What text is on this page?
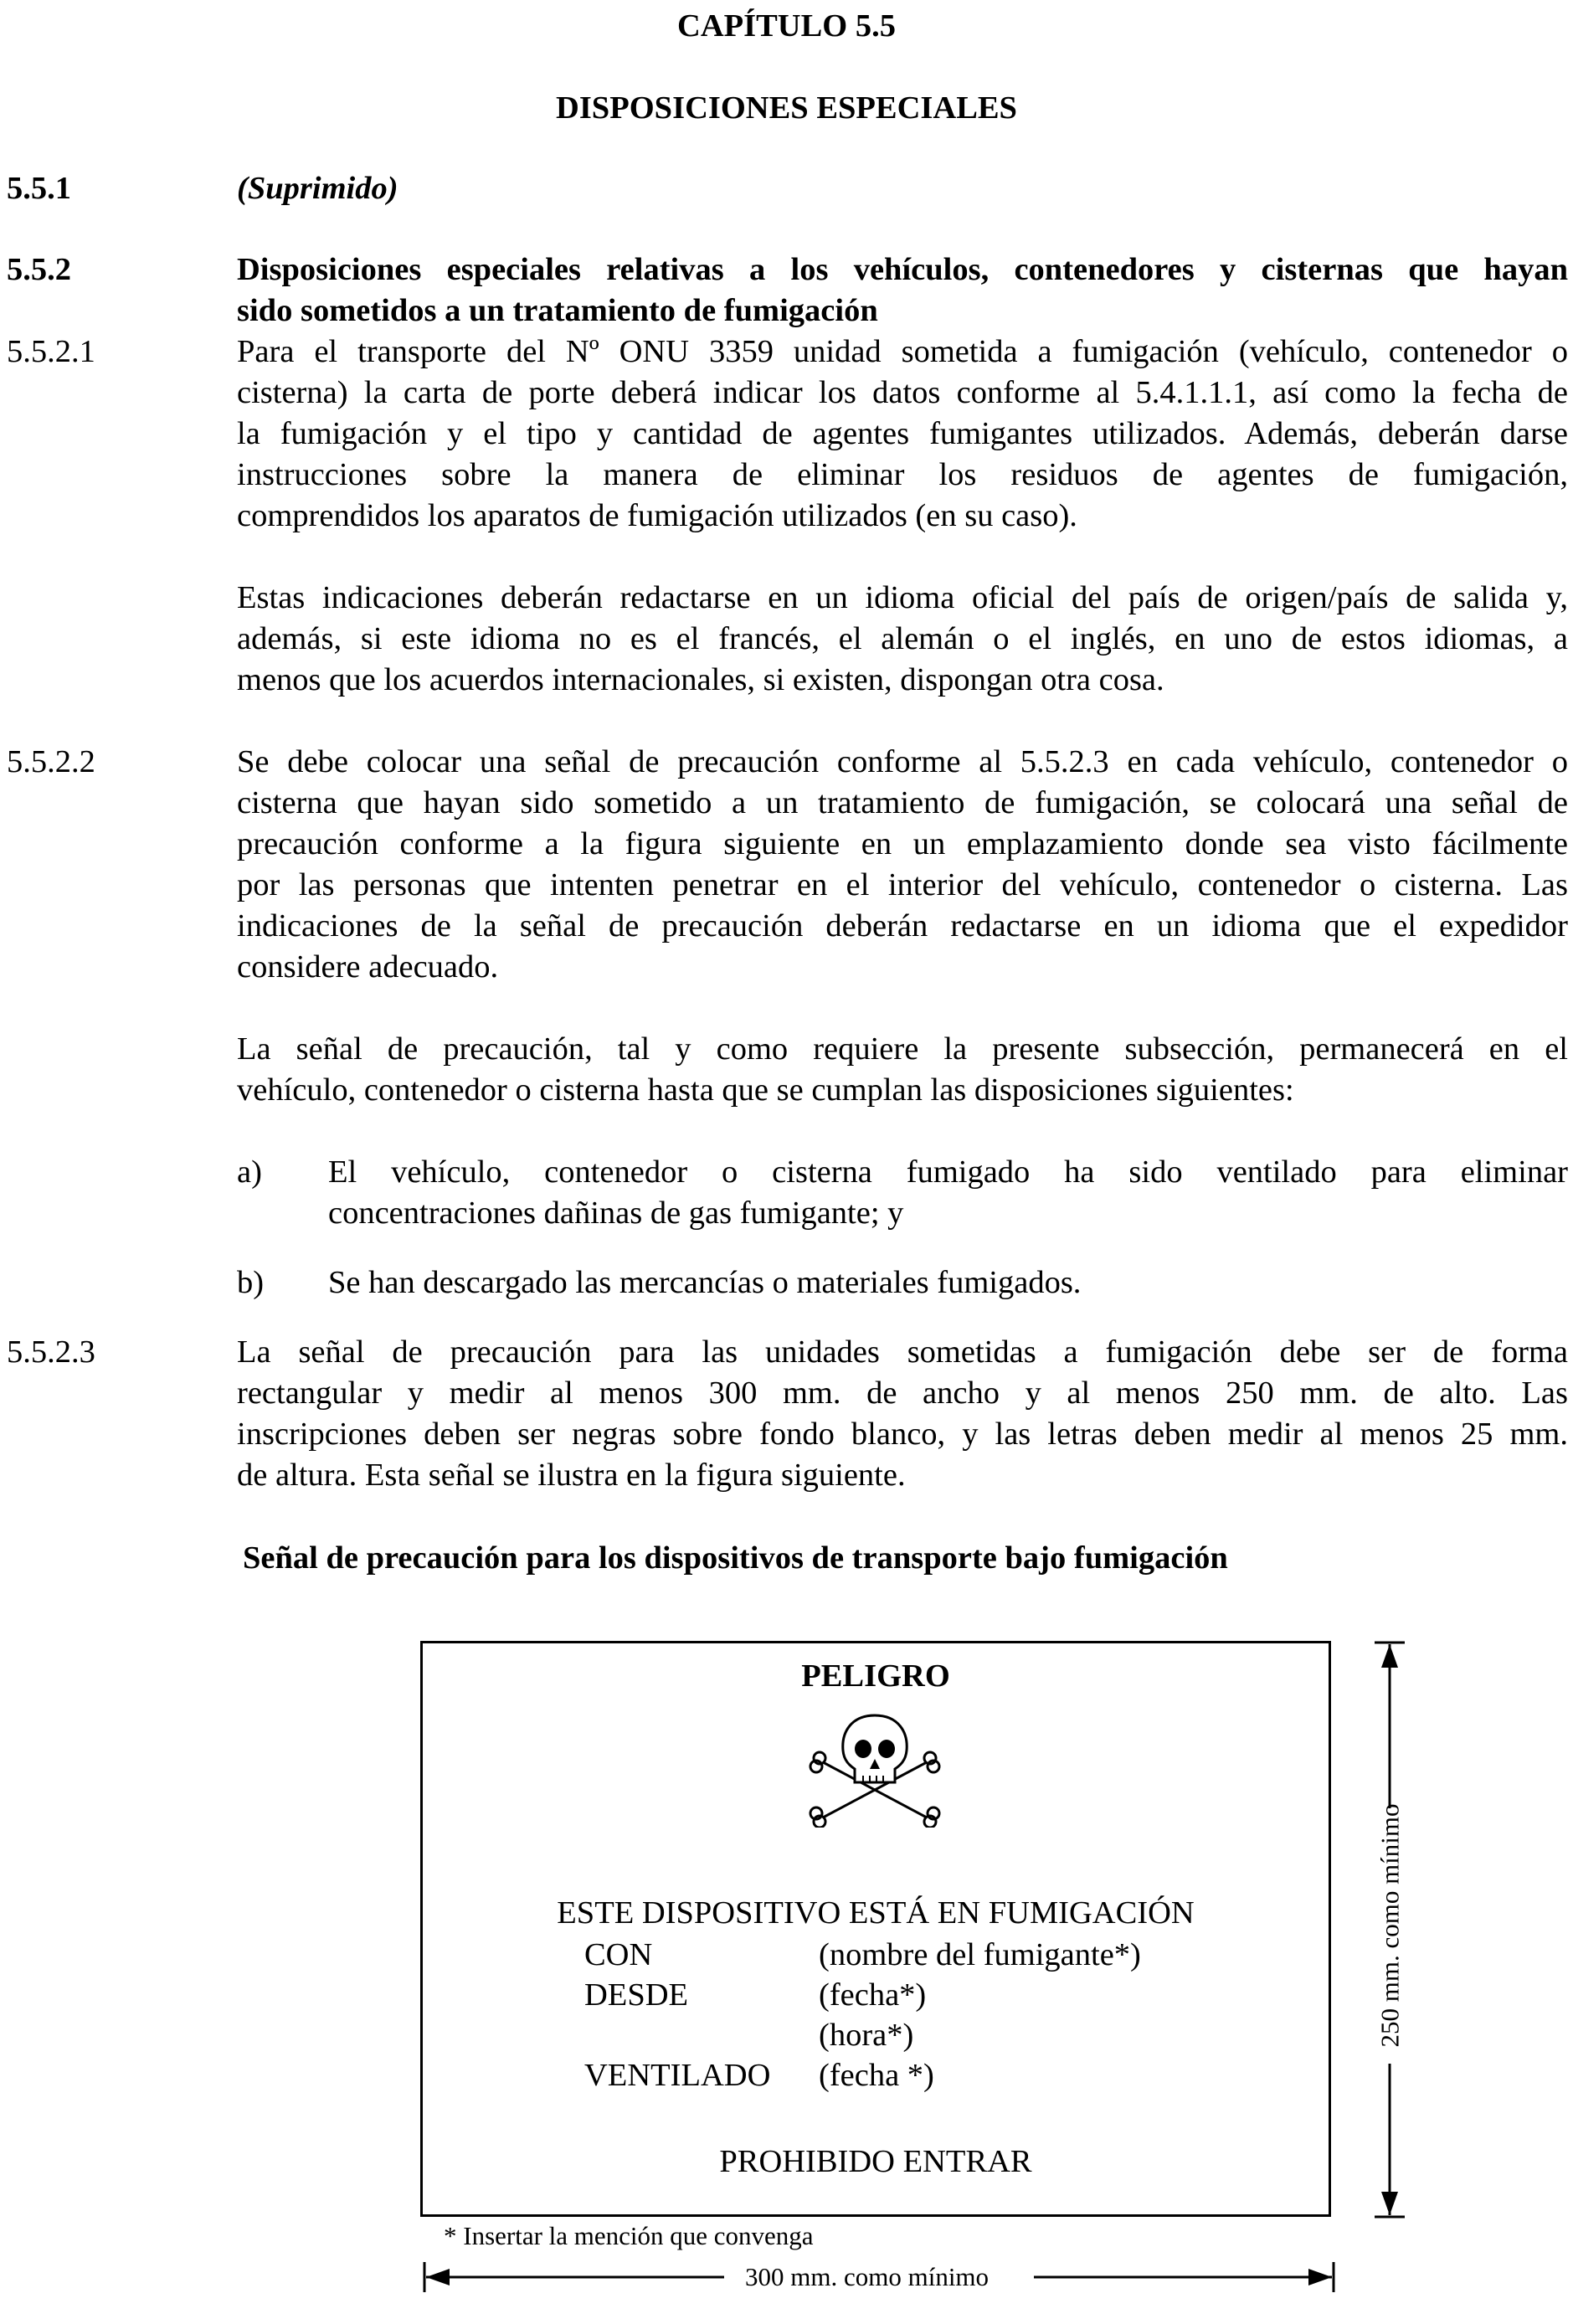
CAPÍTULO 5.5
DISPOSICIONES ESPECIALES
5.5.1	(Suprimido)
5.5.2	Disposiciones especiales relativas a los vehículos, contenedores y cisternas que hayan
sido sometidos a un tratamiento de fumigación
5.5.2.1	Para el transporte del Nº ONU 3359 unidad sometida a fumigación (vehículo, contenedor o
cisterna) la carta de porte deberá indicar los datos conforme al 5.4.1.1.1, así como la fecha de
la fumigación y el tipo y cantidad de agentes fumigantes utilizados. Además, deberán darse
instrucciones sobre la manera de eliminar los residuos de agentes de fumigación,
comprendidos los aparatos de fumigación utilizados (en su caso).
Estas indicaciones deberán redactarse en un idioma oficial del país de origen/país de salida y,
además, si este idioma no es el francés, el alemán o el inglés, en uno de estos idiomas, a
menos que los acuerdos internacionales, si existen, dispongan otra cosa.
5.5.2.2	Se debe colocar una señal de precaución conforme al 5.5.2.3 en cada vehículo, contenedor o
cisterna que hayan sido sometido a un tratamiento de fumigación, se colocará una señal de
precaución conforme a la figura siguiente en un emplazamiento donde sea visto fácilmente
por las personas que intenten penetrar en el interior del vehículo, contenedor o cisterna. Las
indicaciones de la señal de precaución deberán redactarse en un idioma que el expedidor
considere adecuado.
La señal de precaución, tal y como requiere la presente subsección, permanecerá en el
vehículo, contenedor o cisterna hasta que se cumplan las disposiciones siguientes:
a) El vehículo, contenedor o cisterna fumigado ha sido ventilado para eliminar
concentraciones dañinas de gas fumigante; y
b) Se han descargado las mercancías o materiales fumigados.
5.5.2.3	La señal de precaución para las unidades sometidas a fumigación debe ser de forma
rectangular y medir al menos 300 mm. de ancho y al menos 250 mm. de alto. Las
inscripciones deben ser negras sobre fondo blanco, y las letras deben medir al menos 25 mm.
de altura. Esta señal se ilustra en la figura siguiente.
Señal de precaución para los dispositivos de transporte bajo fumigación
PELIGRO
ESTE DISPOSITIVO ESTÁ EN FUMIGACIÓN
CON	(nombre del fumigante*)
DESDE	(fecha*)
(hora*)
VENTILADO (fecha *)
PROHIBIDO ENTRAR
* Insertar la mención que convenga
250 mm. como mínimo
300 mm. como mínimo
